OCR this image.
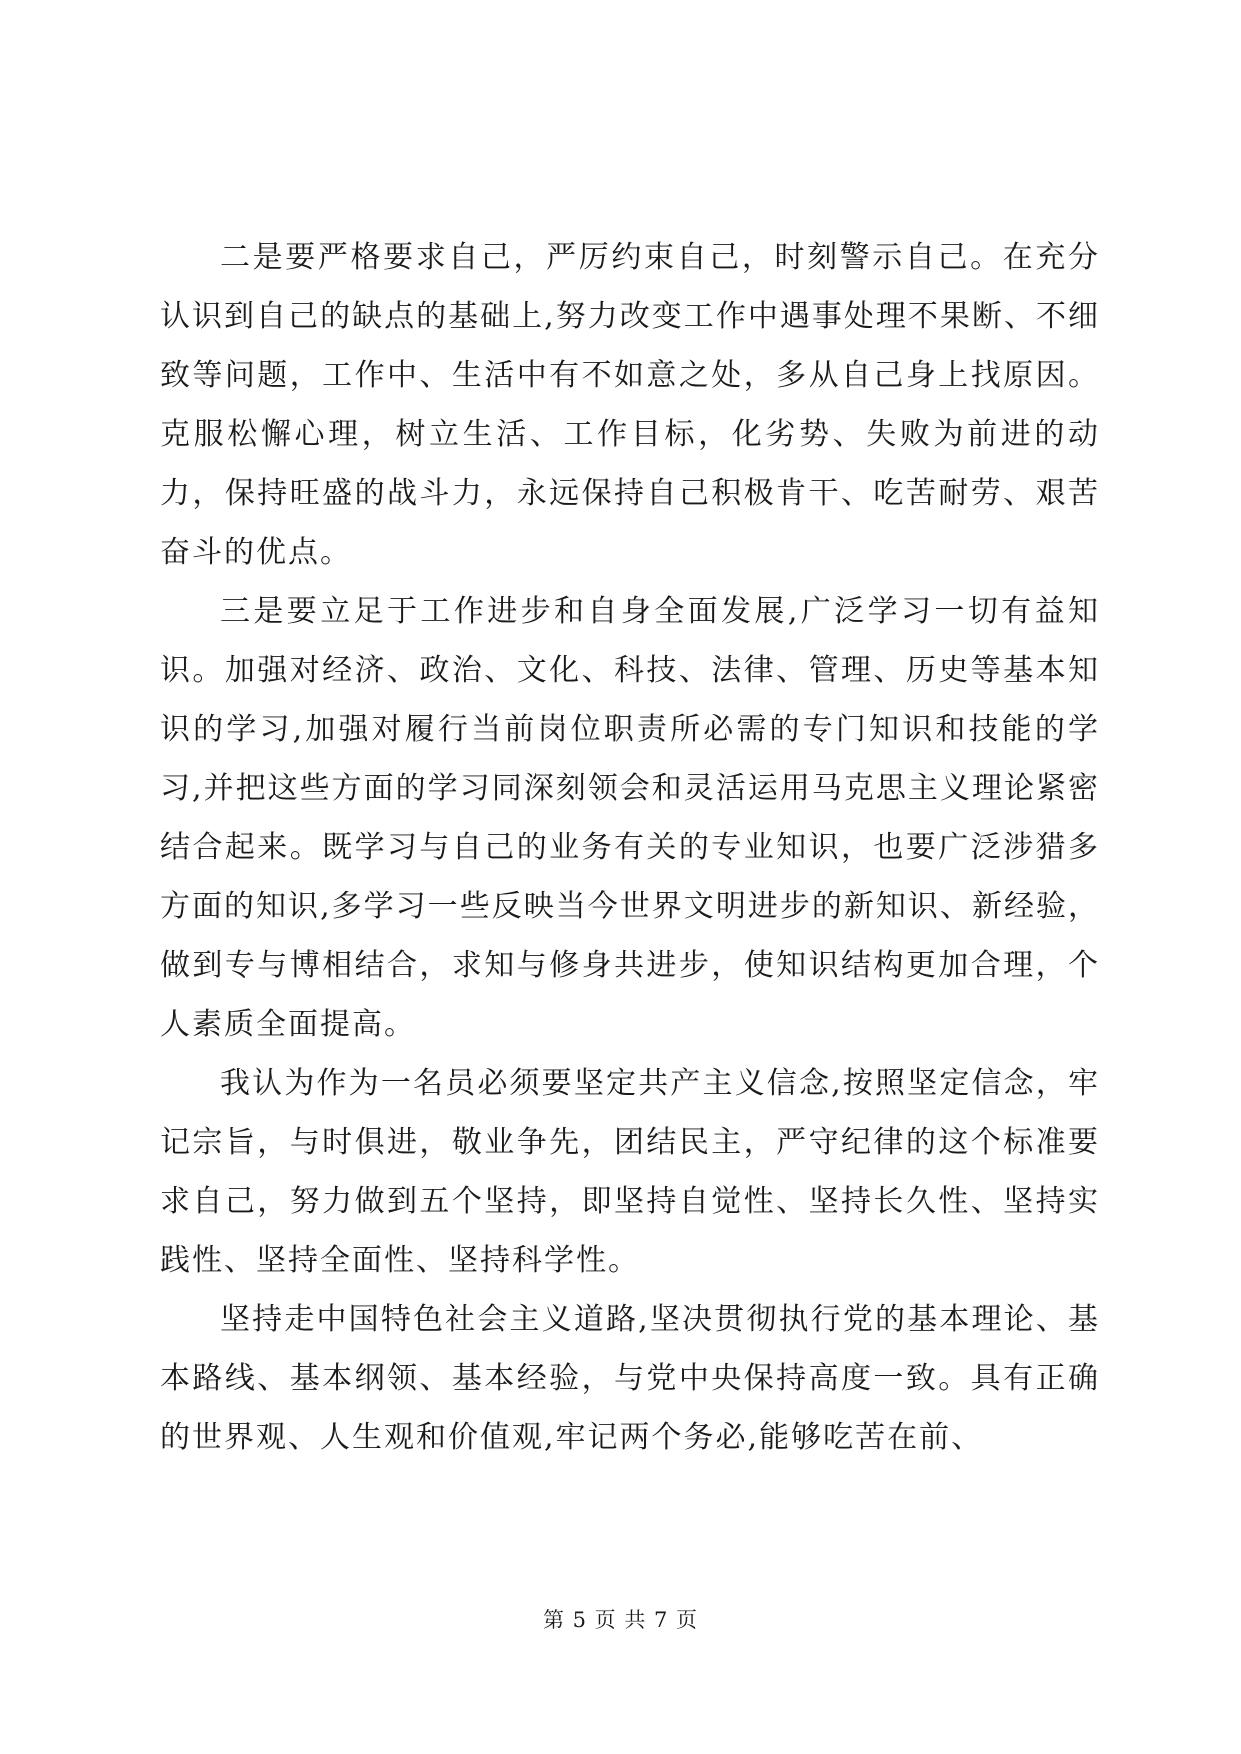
二是要严格要求自己，严厉约束自己，时刻警示自己。在充分认识到自己的缺点的基础上,努力改变工作中遇事处理不果断、不细致等问题，工作中、生活中有不如意之处，多从自己身上找原因。克服松懈心理，树立生活、工作目标，化劣势、失败为前进的动力，保持旺盛的战斗力，永远保持自己积极肯干、吃苦耐劳、艰苦奋斗的优点。

三是要立足于工作进步和自身全面发展,广泛学习一切有益知识。加强对经济、政治、文化、科技、法律、管理、历史等基本知识的学习,加强对履行当前岗位职责所必需的专门知识和技能的学习,并把这些方面的学习同深刻领会和灵活运用马克思主义理论紧密结合起来。既学习与自己的业务有关的专业知识，也要广泛涉猎多方面的知识,多学习一些反映当今世界文明进步的新知识、新经验，做到专与博相结合，求知与修身共进步，使知识结构更加合理，个人素质全面提高。

我认为作为一名员必须要坚定共产主义信念,按照坚定信念，牢记宗旨，与时俱进，敬业争先，团结民主，严守纪律的这个标准要求自己，努力做到五个坚持，即坚持自觉性、坚持长久性、坚持实践性、坚持全面性、坚持科学性。

坚持走中国特色社会主义道路,坚决贯彻执行党的基本理论、基本路线、基本纲领、基本经验，与党中央保持高度一致。具有正确的世界观、人生观和价值观,牢记两个务必,能够吃苦在前、

第 5 页 共 7 页
